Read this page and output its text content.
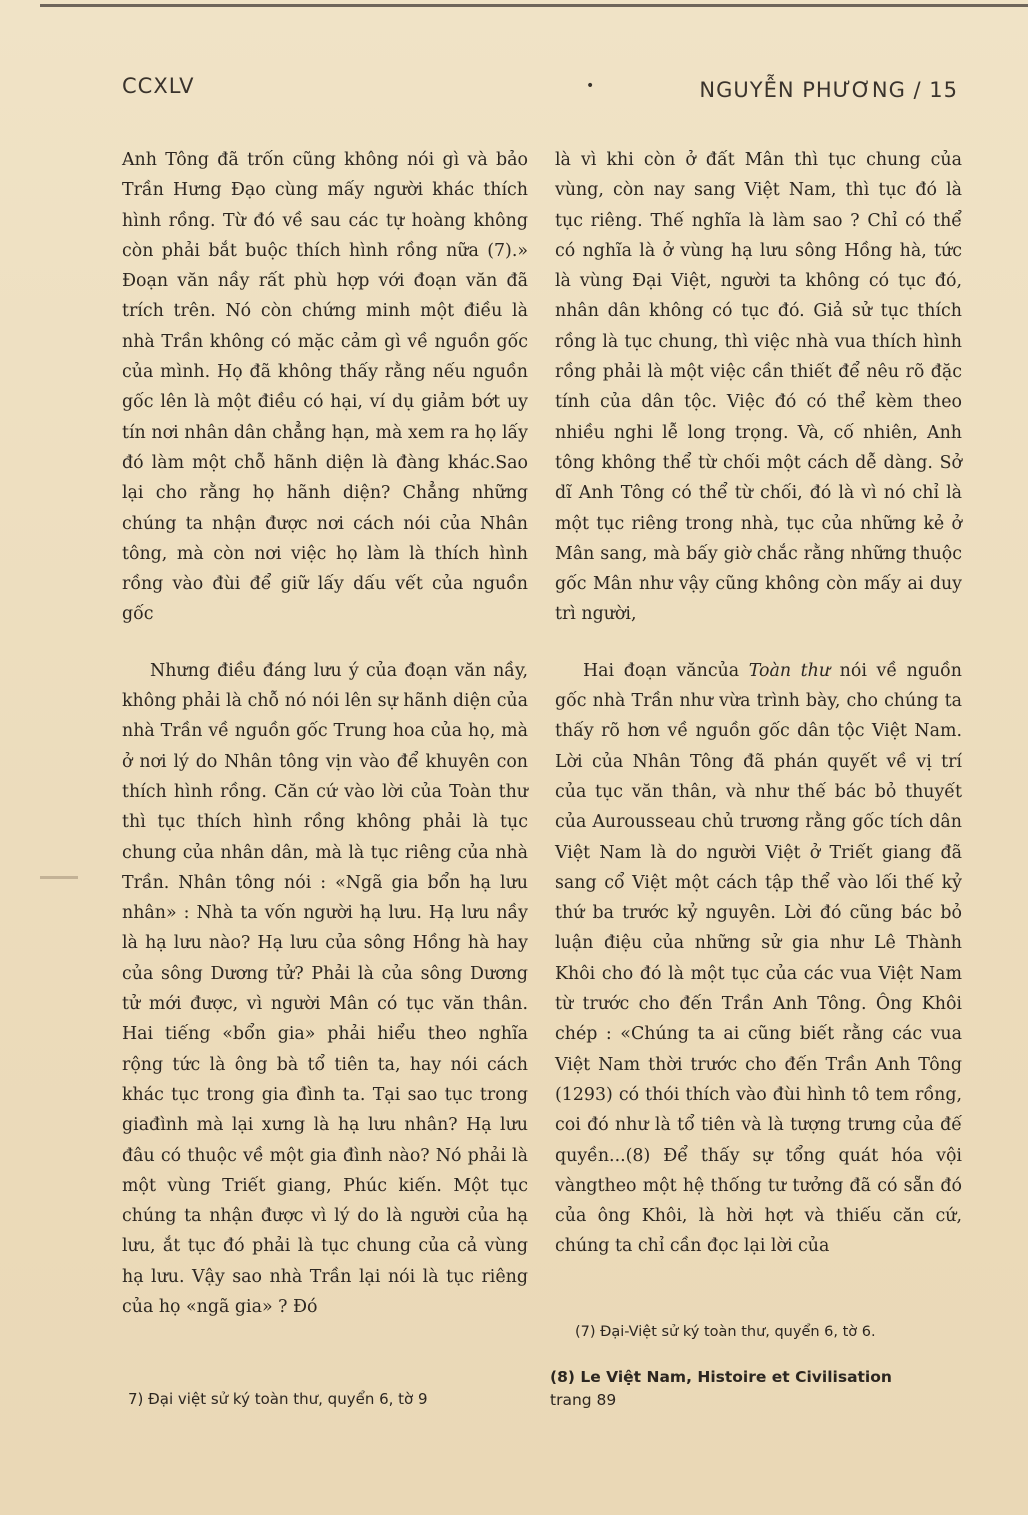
CCXLV	•	NGUYỄN PHƯƠNG / 15

Anh Tông đã trốn cũng không nói gì và bảo Trần Hưng Đạo cùng mấy người khác thích hình rồng. Từ đó về sau các tự hoàng không còn phải bắt buộc thích hình rồng nữa (7).» Đoạn văn nầy rất phù hợp với đoạn văn đã trích trên. Nó còn chứng minh một điều là nhà Trần không có mặc cảm gì về nguồn gốc của mình. Họ đã không thấy rằng nếu nguồn gốc lên là một điều có hại, ví dụ giảm bớt uy tín nơi nhân dân chẳng hạn, mà xem ra họ lấy đó làm một chỗ hãnh diện là đàng khác.Sao lại cho rằng họ hãnh diện? Chẳng những chúng ta nhận được nơi cách nói của Nhân tông, mà còn nơi việc họ làm là thích hình rồng vào đùi để giữ lấy dấu vết của nguồn gốc

Nhưng điều đáng lưu ý của đoạn văn nầy, không phải là chỗ nó nói lên sự hãnh diện của nhà Trần về nguồn gốc Trung hoa của họ, mà ở nơi lý do Nhân tông vịn vào để khuyên con thích hình rồng. Căn cứ vào lời của Toàn thư thì tục thích hình rồng không phải là tục chung của nhân dân, mà là tục riêng của nhà Trần. Nhân tông nói : «Ngã gia bổn hạ lưu nhân» : Nhà ta vốn người hạ lưu. Hạ lưu nầy là hạ lưu nào? Hạ lưu của sông Hồng hà hay của sông Dương tử? Phải là của sông Dương tử mới được, vì người Mân có tục văn thân. Hai tiếng «bổn gia» phải hiểu theo nghĩa rộng tức là ông bà tổ tiên ta, hay nói cách khác tục trong gia đình ta. Tại sao tục trong giađình mà lại xưng là hạ lưu nhân? Hạ lưu đâu có thuộc về một gia đình nào? Nó phải là một vùng Triết giang, Phúc kiến. Một tục chúng ta nhận được vì lý do là người của hạ lưu, ắt tục đó phải là tục chung của cả vùng hạ lưu. Vậy sao nhà Trần lại nói là tục riêng của họ «ngã gia» ? Đó

là vì khi còn ở đất Mân thì tục chung của vùng, còn nay sang Việt Nam, thì tục đó là tục riêng. Thế nghĩa là làm sao ? Chỉ có thể có nghĩa là ở vùng hạ lưu sông Hồng hà, tức là vùng Đại Việt, người ta không có tục đó, nhân dân không có tục đó. Giả sử tục thích rồng là tục chung, thì việc nhà vua thích hình rồng phải là một việc cần thiết để nêu rõ đặc tính của dân tộc. Việc đó có thể kèm theo nhiều nghi lễ long trọng. Và, cố nhiên, Anh tông không thể từ chối một cách dễ dàng. Sở dĩ Anh Tông có thể từ chối, đó là vì nó chỉ là một tục riêng trong nhà, tục của những kẻ ở Mân sang, mà bấy giờ chắc rằng những thuộc gốc Mân như vậy cũng không còn mấy ai duy trì người,

Hai đoạn văncủa Toàn thư nói về nguồn gốc nhà Trần như vừa trình bày, cho chúng ta thấy rõ hơn về nguồn gốc dân tộc Việt Nam. Lời của Nhân Tông đã phán quyết về vị trí của tục văn thân, và như thế bác bỏ thuyết của Aurousseau chủ trương rằng gốc tích dân Việt Nam là do người Việt ở Triết giang đã sang cổ Việt một cách tập thể vào lối thế kỷ thứ ba trước kỷ nguyên. Lời đó cũng bác bỏ luận điệu của những sử gia như Lê Thành Khôi cho đó là một tục của các vua Việt Nam từ trước cho đến Trần Anh Tông. Ông Khôi chép : «Chúng ta ai cũng biết rằng các vua Việt Nam thời trước cho đến Trần Anh Tông (1293) có thói thích vào đùi hình tô tem rồng, coi đó như là tổ tiên và là tượng trưng của đế quyền...(8) Để thấy sự tổng quát hóa vội vàngtheo một hệ thống tư tưởng đã có sẵn đó của ông Khôi, là hời hợt và thiếu căn cứ, chúng ta chỉ cần đọc lại lời của

7) Đại việt sử ký toàn thư, quyển 6, tờ 9
(7) Đại-Việt sử ký toàn thư, quyển 6, tờ 6.
(8) Le Việt Nam, Histoire et Civilisation
trang 89
